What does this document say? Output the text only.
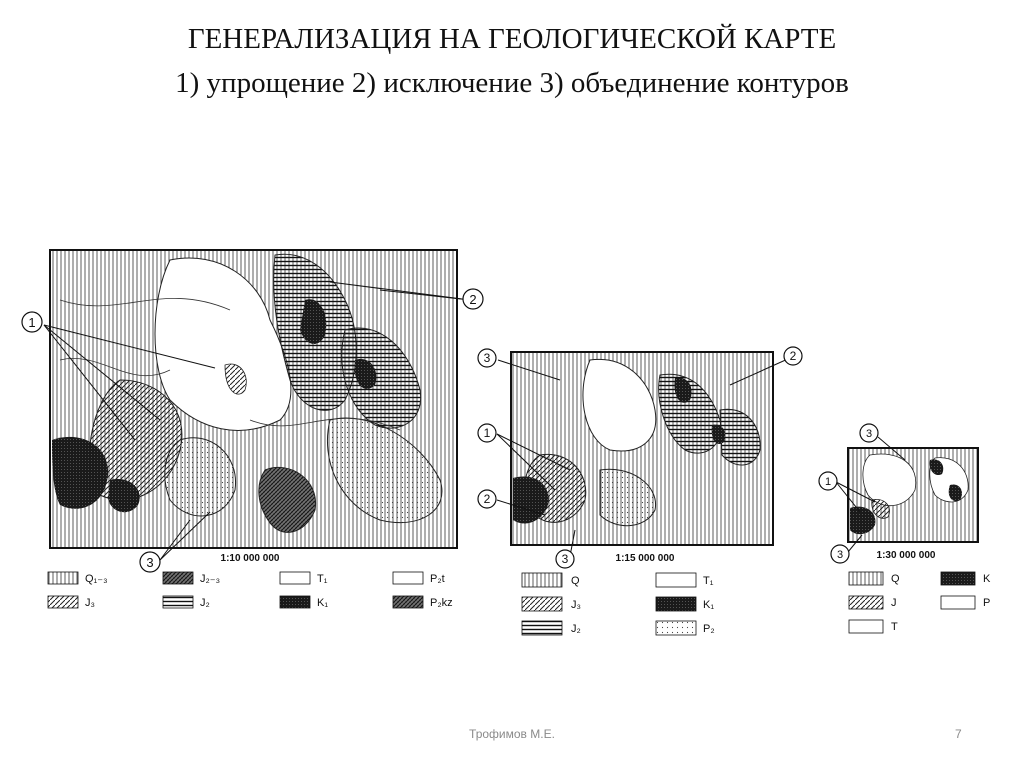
ГЕНЕРАЛИЗАЦИЯ НА ГЕОЛОГИЧЕСКОЙ КАРТЕ
1) упрощение 2) исключение 3) объединение контуров
1
2
3	1:10 000 000
Q₁₋₃	J₂₋₃	T₁	P₂t
J₃	J₂	K₁	P₂kz
3	2
1
2
3	1:15 000 000
Q	T₁
J₃	K₁
J₂	P₂
3
1
3	1:30 000 000
Q	K
J	P
T
Трофимов М.Е.	7
